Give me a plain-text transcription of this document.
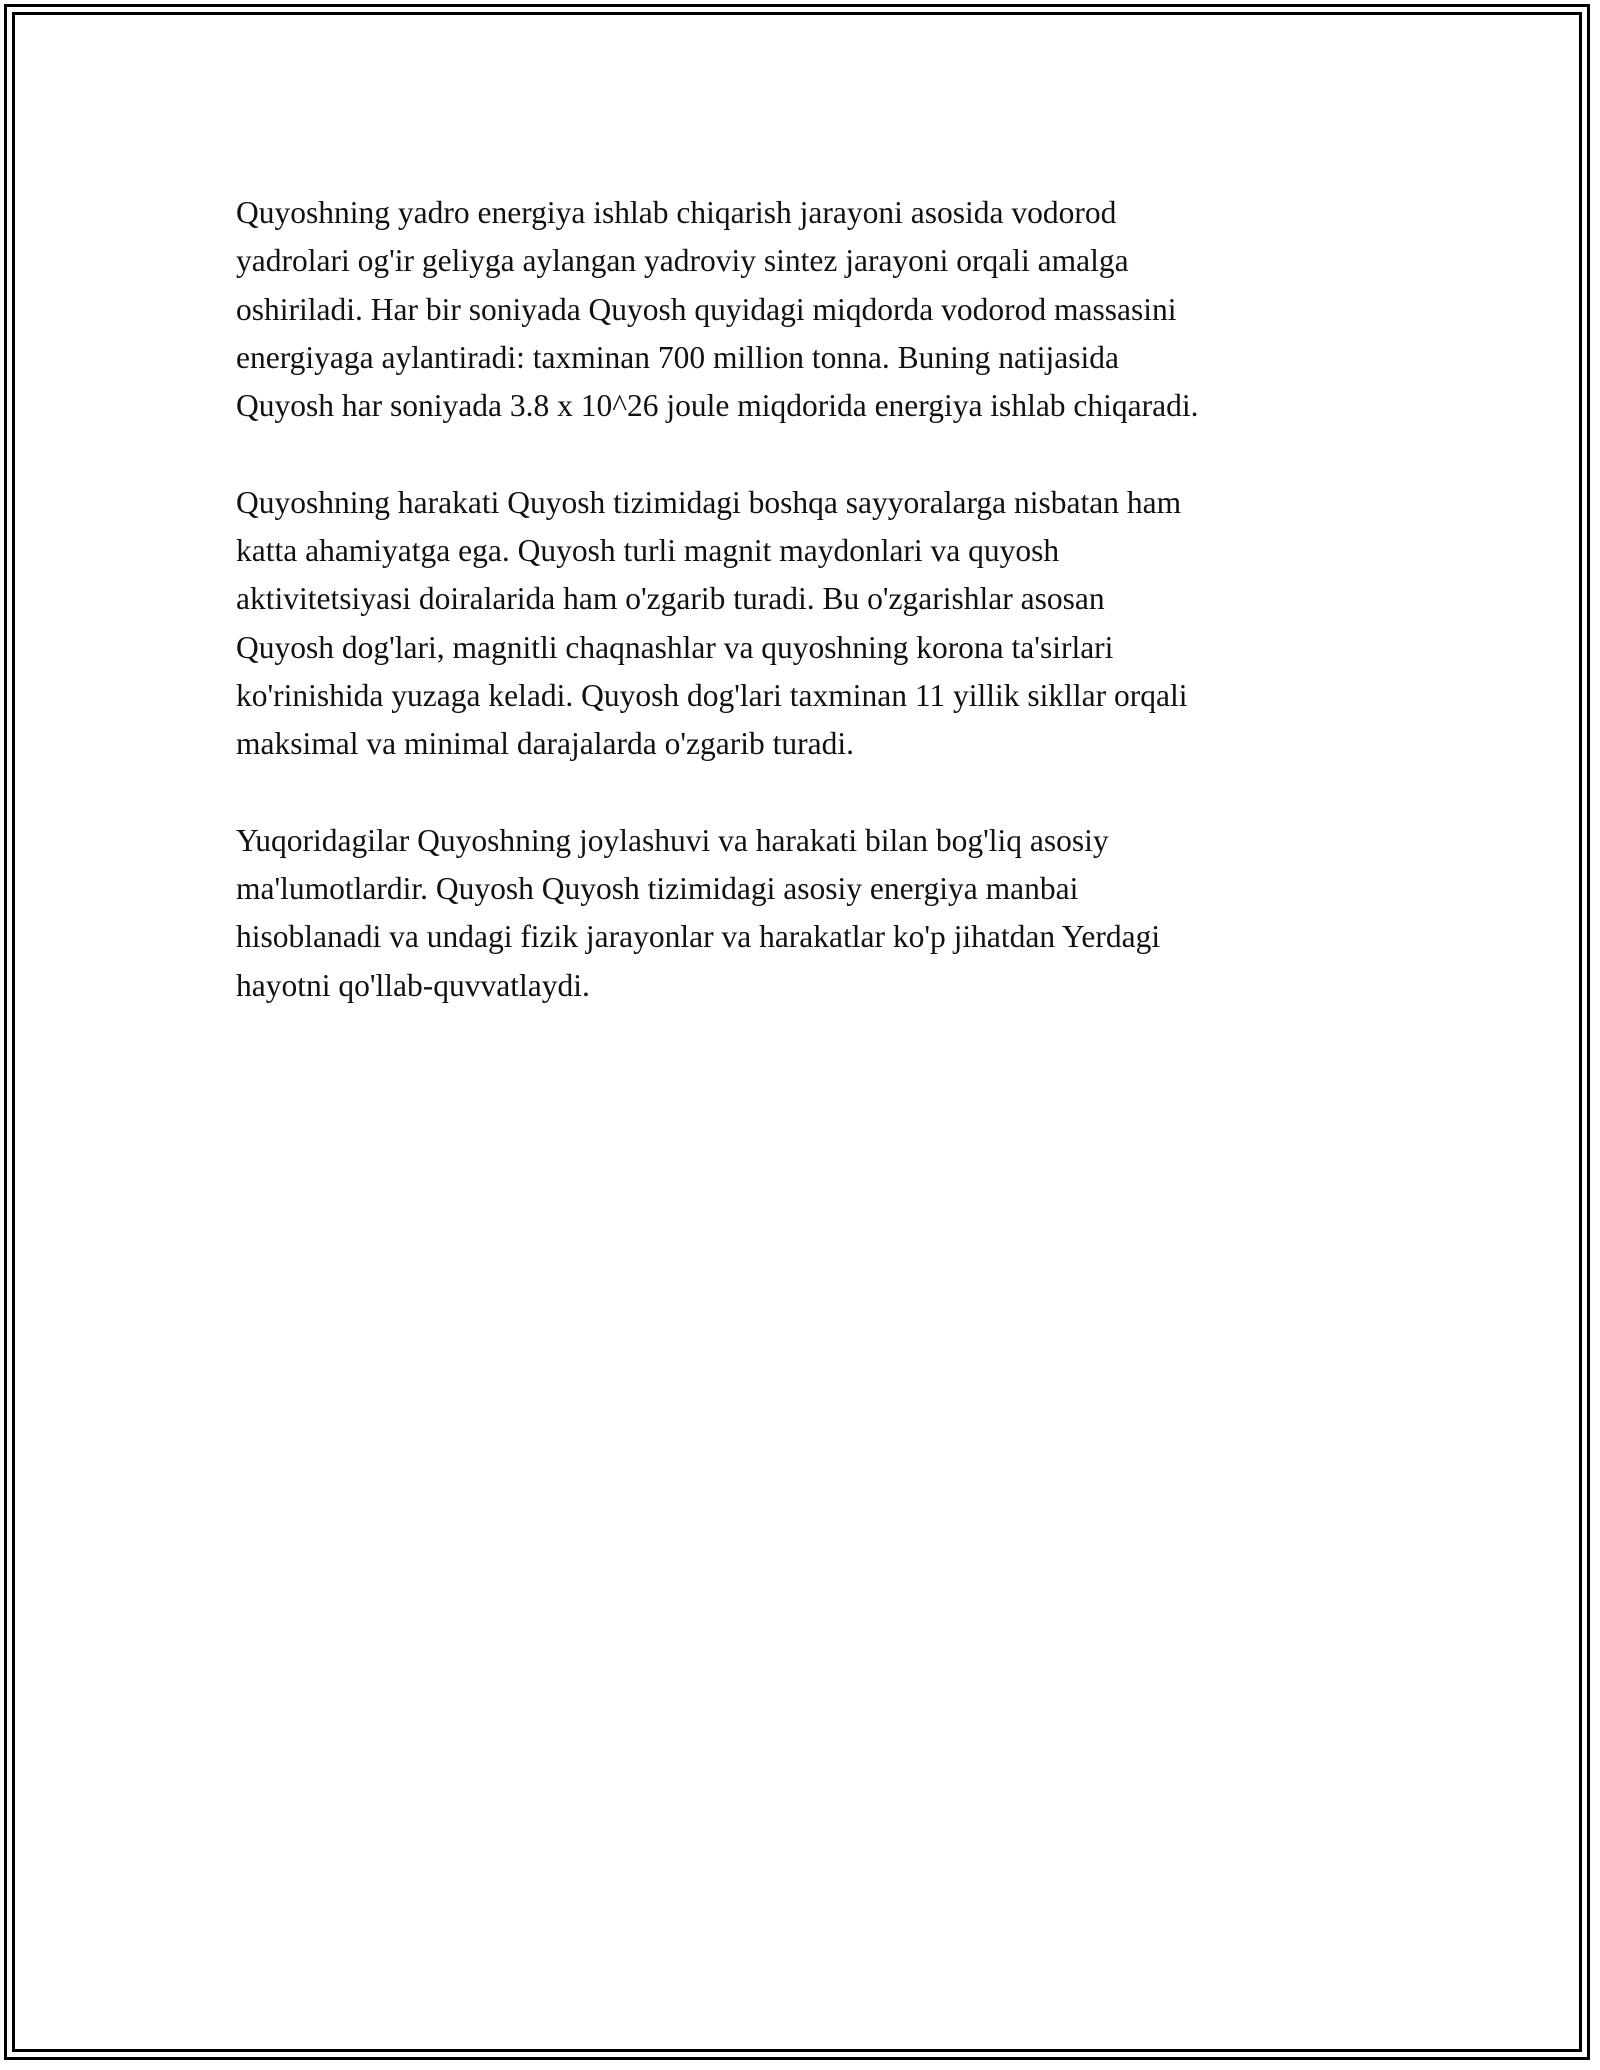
Quyoshning yadro energiya ishlab chiqarish jarayoni asosida vodorod
yadrolari og'ir geliyga aylangan yadroviy sintez jarayoni orqali amalga
oshiriladi. Har bir soniyada Quyosh quyidagi miqdorda vodorod massasini
energiyaga aylantiradi: taxminan 700 million tonna. Buning natijasida
Quyosh har soniyada 3.8 x 10^26 joule miqdorida energiya ishlab chiqaradi.

Quyoshning harakati Quyosh tizimidagi boshqa sayyoralarga nisbatan ham
katta ahamiyatga ega. Quyosh turli magnit maydonlari va quyosh
aktivitetsiyasi doiralarida ham o'zgarib turadi. Bu o'zgarishlar asosan
Quyosh dog'lari, magnitli chaqnashlar va quyoshning korona ta'sirlari
ko'rinishida yuzaga keladi. Quyosh dog'lari taxminan 11 yillik sikllar orqali
maksimal va minimal darajalarda o'zgarib turadi.

Yuqoridagilar Quyoshning joylashuvi va harakati bilan bog'liq asosiy
ma'lumotlardir. Quyosh Quyosh tizimidagi asosiy energiya manbai
hisoblanadi va undagi fizik jarayonlar va harakatlar ko'p jihatdan Yerdagi
hayotni qo'llab-quvvatlaydi.
